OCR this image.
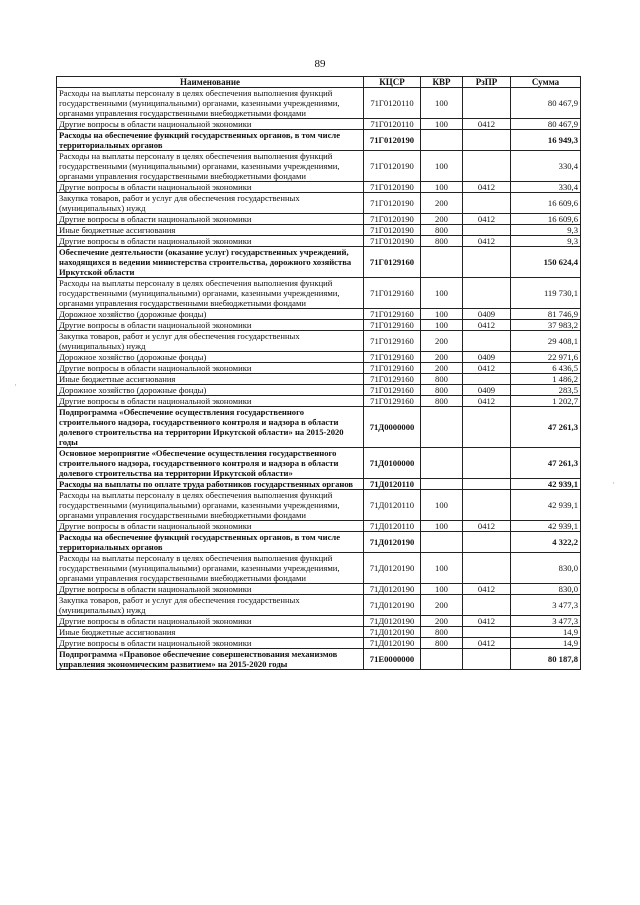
89
·
·
Наименование	КЦСР	КВР	РзПР	Сумма
Расходы на выплаты персоналу в целях обеспечения выполнения функций государственными (муниципальными) органами, казенными учреждениями, органами управления государственными внебюджетными фондами	71Г0120110	100		80 467,9
Другие вопросы в области национальной экономики	71Г0120110	100	0412	80 467,9
Расходы на обеспечение функций государственных органов, в том числе территориальных органов	71Г0120190			16 949,3
Расходы на выплаты персоналу в целях обеспечения выполнения функций государственными (муниципальными) органами, казенными учреждениями, органами управления государственными внебюджетными фондами	71Г0120190	100		330,4
Другие вопросы в области национальной экономики	71Г0120190	100	0412	330,4
Закупка товаров, работ и услуг для обеспечения государственных (муниципальных) нужд	71Г0120190	200		16 609,6
Другие вопросы в области национальной экономики	71Г0120190	200	0412	16 609,6
Иные бюджетные ассигнования	71Г0120190	800		9,3
Другие вопросы в области национальной экономики	71Г0120190	800	0412	9,3
Обеспечение деятельности (оказание услуг) государственных учреждений, находящихся в ведении министерства строительства, дорожного хозяйства Иркутской области	71Г0129160			150 624,4
Расходы на выплаты персоналу в целях обеспечения выполнения функций государственными (муниципальными) органами, казенными учреждениями, органами управления государственными внебюджетными фондами	71Г0129160	100		119 730,1
Дорожное хозяйство (дорожные фонды)	71Г0129160	100	0409	81 746,9
Другие вопросы в области национальной экономики	71Г0129160	100	0412	37 983,2
Закупка товаров, работ и услуг для обеспечения государственных (муниципальных) нужд	71Г0129160	200		29 408,1
Дорожное хозяйство (дорожные фонды)	71Г0129160	200	0409	22 971,6
Другие вопросы в области национальной экономики	71Г0129160	200	0412	6 436,5
Иные бюджетные ассигнования	71Г0129160	800		1 486,2
Дорожное хозяйство (дорожные фонды)	71Г0129160	800	0409	283,5
Другие вопросы в области национальной экономики	71Г0129160	800	0412	1 202,7
Подпрограмма «Обеспечение осуществления государственного строительного надзора, государственного контроля и надзора в области долевого строительства на территории Иркутской области» на 2015-2020 годы	71Д0000000			47 261,3
Основное мероприятие «Обеспечение осуществления государственного строительного надзора, государственного контроля и надзора в области долевого строительства на территории Иркутской области»	71Д0100000			47 261,3
Расходы на выплаты по оплате труда работников государственных органов	71Д0120110			42 939,1
Расходы на выплаты персоналу в целях обеспечения выполнения функций государственными (муниципальными) органами, казенными учреждениями, органами управления государственными внебюджетными фондами	71Д0120110	100		42 939,1
Другие вопросы в области национальной экономики	71Д0120110	100	0412	42 939,1
Расходы на обеспечение функций государственных органов, в том числе территориальных органов	71Д0120190			4 322,2
Расходы на выплаты персоналу в целях обеспечения выполнения функций государственными (муниципальными) органами, казенными учреждениями, органами управления государственными внебюджетными фондами	71Д0120190	100		830,0
Другие вопросы в области национальной экономики	71Д0120190	100	0412	830,0
Закупка товаров, работ и услуг для обеспечения государственных (муниципальных) нужд	71Д0120190	200		3 477,3
Другие вопросы в области национальной экономики	71Д0120190	200	0412	3 477,3
Иные бюджетные ассигнования	71Д0120190	800		14,9
Другие вопросы в области национальной экономики	71Д0120190	800	0412	14,9
Подпрограмма «Правовое обеспечение совершенствования механизмов управления экономическим развитием» на 2015-2020 годы	71Е0000000			80 187,8
